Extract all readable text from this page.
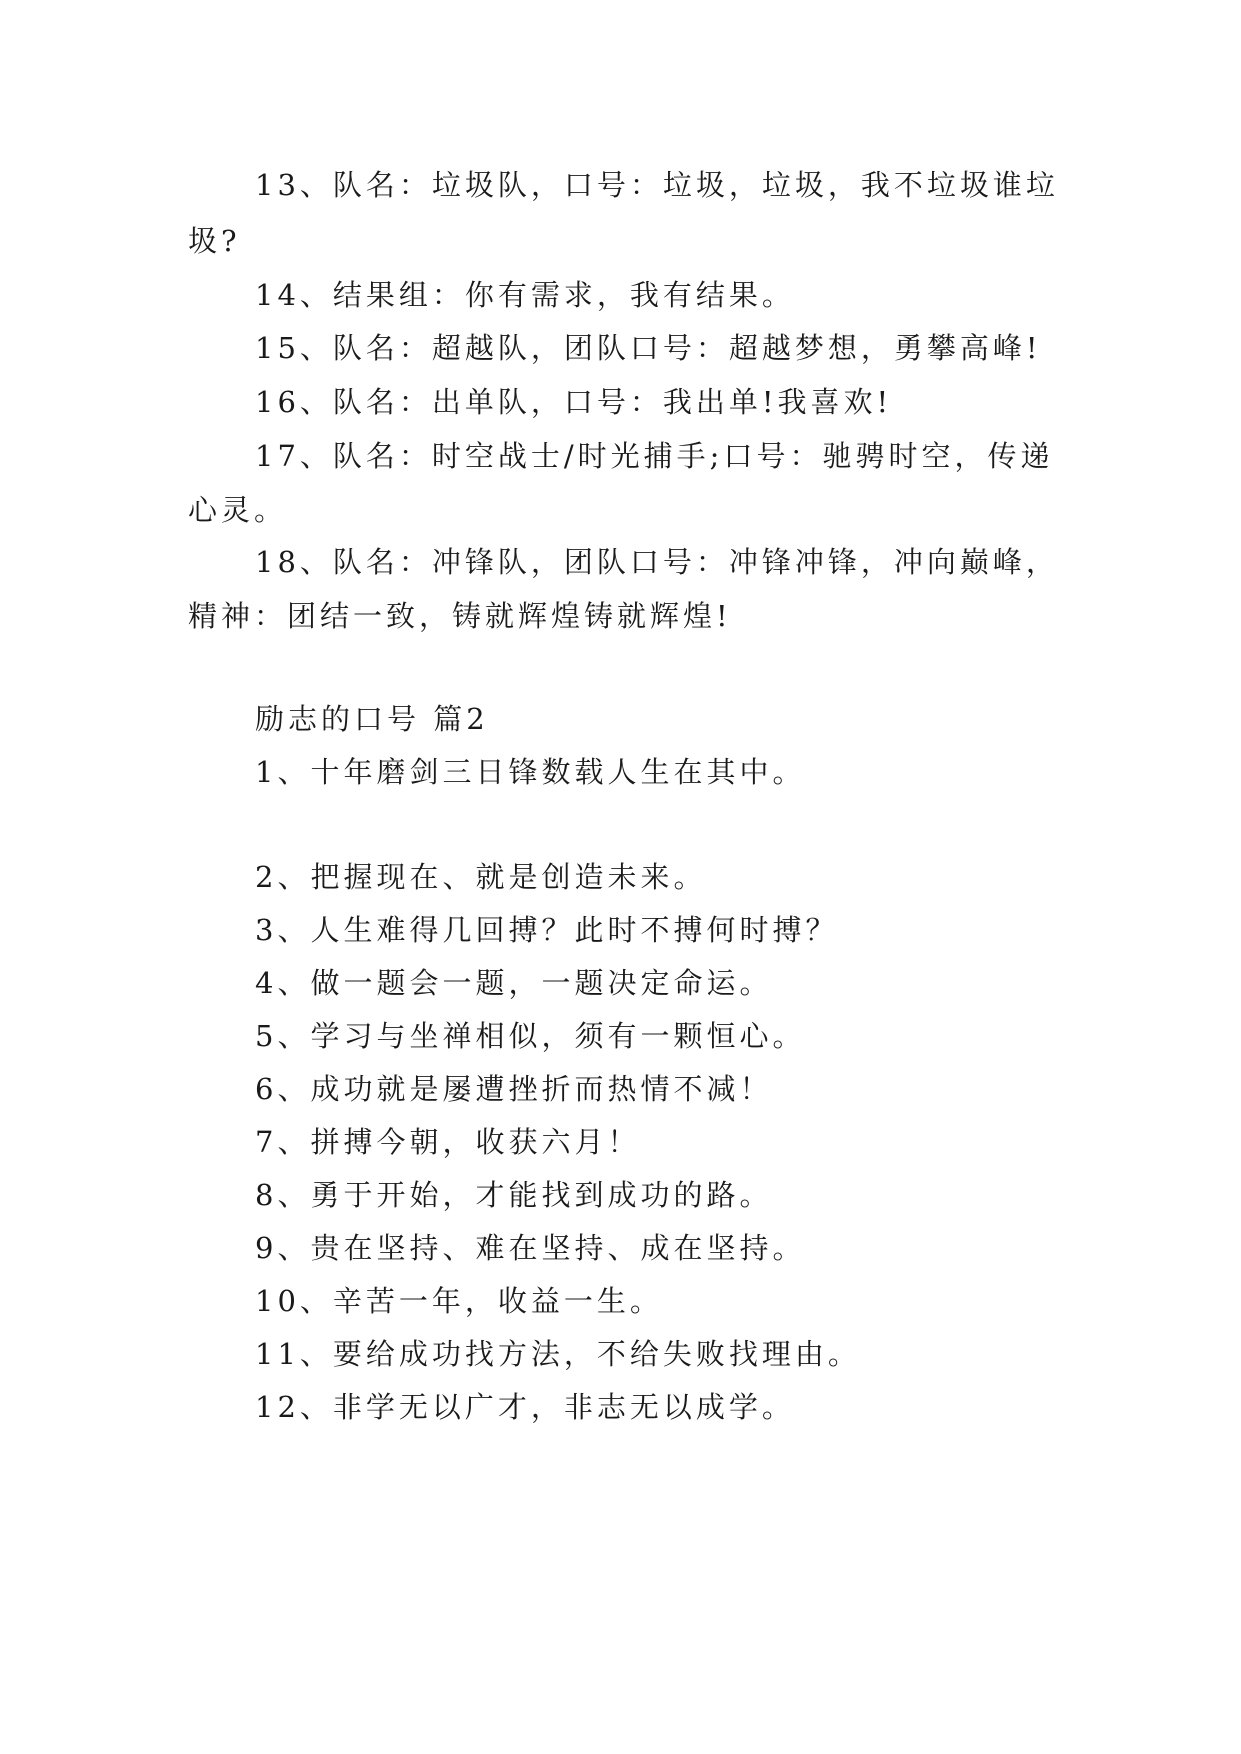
13、队名：垃圾队，口号：垃圾，垃圾，我不垃圾谁垃
圾?
14、结果组：你有需求，我有结果。
15、队名：超越队，团队口号：超越梦想，勇攀高峰!
16、队名：出单队，口号：我出单!我喜欢!
17、队名：时空战士/时光捕手;口号：驰骋时空，传递
心灵。
18、队名：冲锋队，团队口号：冲锋冲锋，冲向巅峰，
精神：团结一致，铸就辉煌铸就辉煌!
励志的口号 篇2
1、十年磨剑三日锋数载人生在其中。
2、把握现在、就是创造未来。
3、人生难得几回搏？此时不搏何时搏？
4、做一题会一题，一题决定命运。
5、学习与坐禅相似，须有一颗恒心。
6、成功就是屡遭挫折而热情不减！
7、拼搏今朝，收获六月！
8、勇于开始，才能找到成功的路。
9、贵在坚持、难在坚持、成在坚持。
10、辛苦一年，收益一生。
11、要给成功找方法，不给失败找理由。
12、非学无以广才，非志无以成学。
